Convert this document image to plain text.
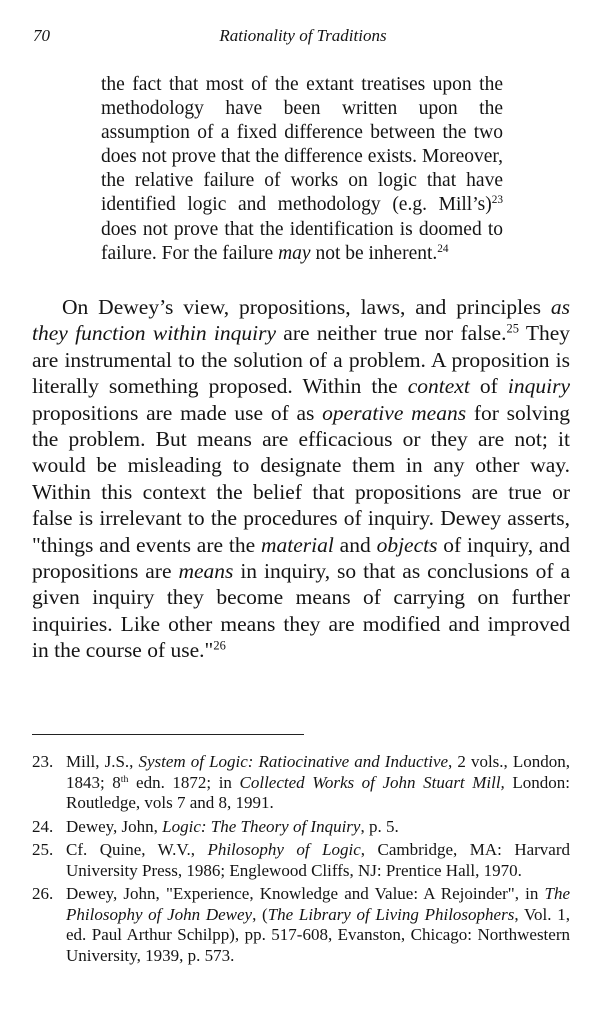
70	Rationality of Traditions
the fact that most of the extant treatises upon the methodology have been written upon the assumption of a fixed difference between the two does not prove that the difference exists. Moreover, the relative failure of works on logic that have identified logic and methodology (e.g. Mill’s)$^{23}$ does not prove that the identification is doomed to failure. For the failure may not be inherent.$^{24}$
On Dewey’s view, propositions, laws, and principles as they function within inquiry are neither true nor false.$^{25}$ They are instrumental to the solution of a problem. A proposition is literally something proposed. Within the context of inquiry propositions are made use of as operative means for solving the problem. But means are efficacious or they are not; it would be misleading to designate them in any other way. Within this context the belief that propositions are true or false is irrelevant to the procedures of inquiry. Dewey asserts, "things and events are the material and objects of inquiry, and propositions are means in inquiry, so that as conclusions of a given inquiry they become means of carrying on further inquiries. Like other means they are modified and improved in the course of use."$^{26}$
23. Mill, J.S., System of Logic: Ratiocinative and Inductive, 2 vols., London, 1843; 8th edn. 1872; in Collected Works of John Stuart Mill, London: Routledge, vols 7 and 8, 1991.
24. Dewey, John, Logic: The Theory of Inquiry, p. 5.
25. Cf. Quine, W.V., Philosophy of Logic, Cambridge, MA: Harvard University Press, 1986; Englewood Cliffs, NJ: Prentice Hall, 1970.
26. Dewey, John, "Experience, Knowledge and Value: A Rejoinder", in The Philosophy of John Dewey, (The Library of Living Philosophers, Vol. 1, ed. Paul Arthur Schilpp), pp. 517-608, Evanston, Chicago: Northwestern University, 1939, p. 573.
